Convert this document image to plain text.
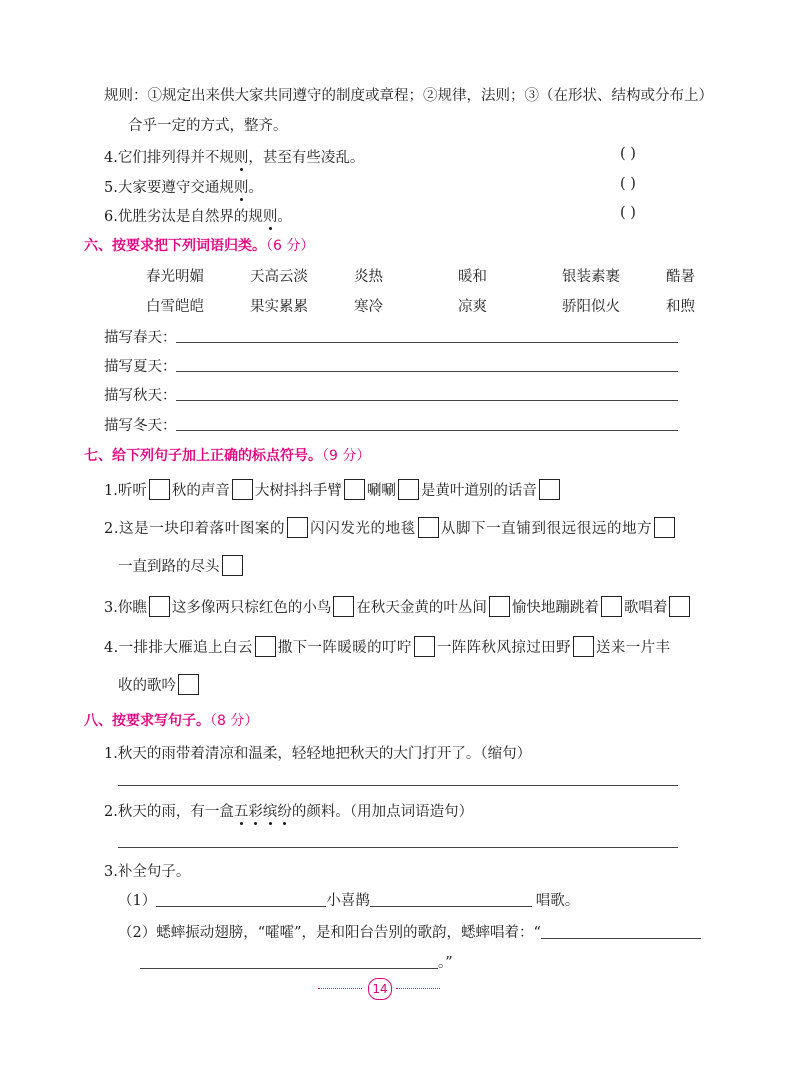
规则：①规定出来供大家共同遵守的制度或章程；②规律，法则；③（在形状、结构或分布上）
合乎一定的方式，整齐。
4.它们排列得并不规则，甚至有些凌乱。	( )
5.大家要遵守交通规则。	( )
6.优胜劣汰是自然界的规则。	( )
六、按要求把下列词语归类。（6 分）
春光明媚	天高云淡	炎热	暖和	银装素裹	酷暑
白雪皑皑	果实累累	寒冷	凉爽	骄阳似火	和煦
描写春天：
描写夏天：
描写秋天：
描写冬天：
七、给下列句子加上正确的标点符号。（9 分）
1.听听 秋的声音 大树抖抖手臂 唰唰 是黄叶道别的话音
2.这是一块印着落叶图案的 闪闪发光的地毯 从脚下一直铺到很远很远的地方
一直到路的尽头
3.你瞧 这多像两只棕红色的小鸟 在秋天金黄的叶丛间 愉快地蹦跳着 歌唱着
4.一排排大雁追上白云 撒下一阵暖暖的叮咛 一阵阵秋风掠过田野 送来一片丰
收的歌吟
八、按要求写句子。（8 分）
1.秋天的雨带着清凉和温柔，轻轻地把秋天的大门打开了。（缩句）
2.秋天的雨，有一盒五彩缤纷的颜料。（用加点词语造句）
3.补全句子。
（1）	小喜鹊	唱歌。
（2）蟋蟀振动翅膀，“嚯嚯”，是和阳台告别的歌韵，蟋蟀唱着：“
。”
14
